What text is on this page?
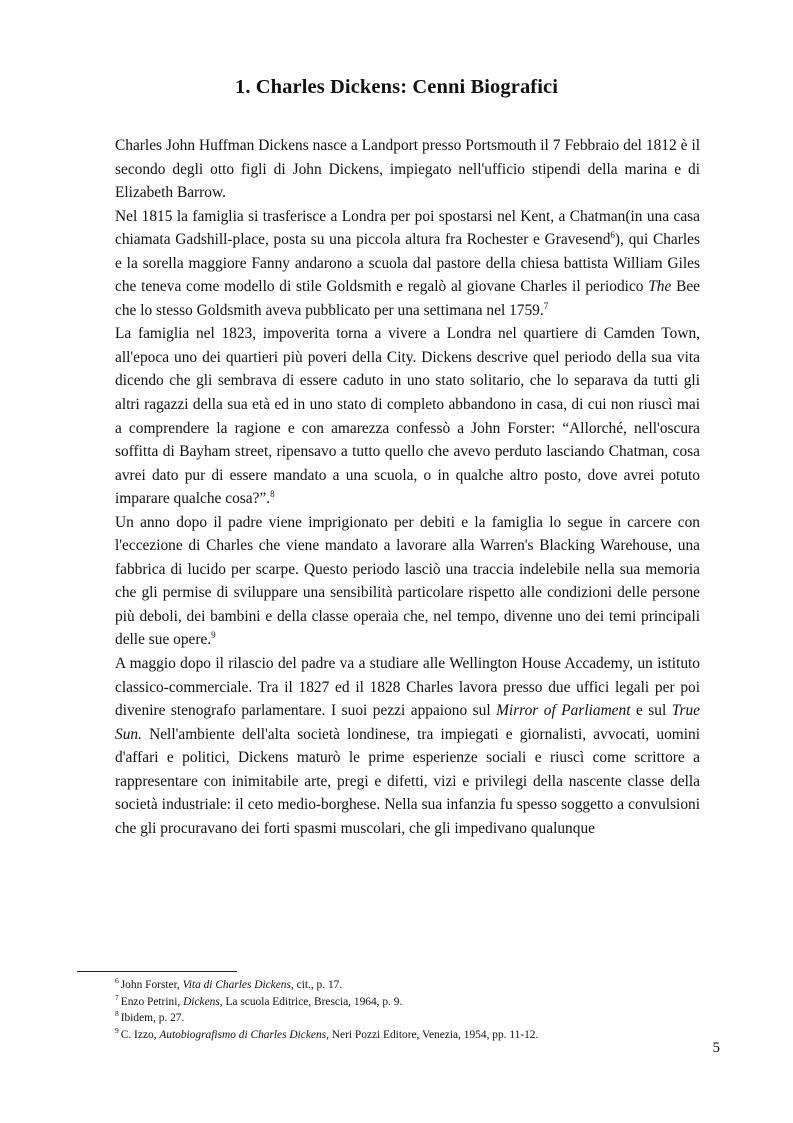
1. Charles Dickens: Cenni Biografici

Charles John Huffman Dickens nasce a Landport presso Portsmouth il 7 Febbraio del 1812 è il secondo degli otto figli di John Dickens, impiegato nell'ufficio stipendi della marina e di Elizabeth Barrow.

Nel 1815 la famiglia si trasferisce a Londra per poi spostarsi nel Kent, a Chatman(in una casa chiamata Gadshill-place, posta su una piccola altura fra Rochester e Gravesend$^6$), qui Charles e la sorella maggiore Fanny andarono a scuola dal pastore della chiesa battista William Giles che teneva come modello di stile Goldsmith e regalò al giovane Charles il periodico The Bee che lo stesso Goldsmith aveva pubblicato per una settimana nel 1759.$^7$

La famiglia nel 1823, impoverita torna a vivere a Londra nel quartiere di Camden Town, all'epoca uno dei quartieri più poveri della City. Dickens descrive quel periodo della sua vita dicendo che gli sembrava di essere caduto in uno stato solitario, che lo separava da tutti gli altri ragazzi della sua età ed in uno stato di completo abbandono in casa, di cui non riuscì mai a comprendere la ragione e con amarezza confessò a John Forster: “Allorché, nell'oscura soffitta di Bayham street, ripensavo a tutto quello che avevo perduto lasciando Chatman, cosa avrei dato pur di essere mandato a una scuola, o in qualche altro posto, dove avrei potuto imparare qualche cosa?”.$^8$

Un anno dopo il padre viene imprigionato per debiti e la famiglia lo segue in carcere con l'eccezione di Charles che viene mandato a lavorare alla Warren's Blacking Warehouse, una fabbrica di lucido per scarpe. Questo periodo lasciò una traccia indelebile nella sua memoria che gli permise di sviluppare una sensibilità particolare rispetto alle condizioni delle persone più deboli, dei bambini e della classe operaia che, nel tempo, divenne uno dei temi principali delle sue opere.$^9$

A maggio dopo il rilascio del padre va a studiare alle Wellington House Accademy, un istituto classico-commerciale. Tra il 1827 ed il 1828 Charles lavora presso due uffici legali per poi divenire stenografo parlamentare. I suoi pezzi appaiono sul Mirror of Parliament e sul True Sun. Nell'ambiente dell'alta società londinese, tra impiegati e giornalisti, avvocati, uomini d'affari e politici, Dickens maturò le prime esperienze sociali e riuscì come scrittore a rappresentare con inimitabile arte, pregi e difetti, vizi e privilegi della nascente classe della società industriale: il ceto medio-borghese. Nella sua infanzia fu spesso soggetto a convulsioni che gli procuravano dei forti spasmi muscolari, che gli impedivano qualunque

$^6$ John Forster, Vita di Charles Dickens, cit., p. 17.

$^7$ Enzo Petrini, Dickens, La scuola Editrice, Brescia, 1964, p. 9.

$^8$ Ibidem, p. 27.

$^9$ C. Izzo, Autobiografismo di Charles Dickens, Neri Pozzi Editore, Venezia, 1954, pp. 11-12.

5
